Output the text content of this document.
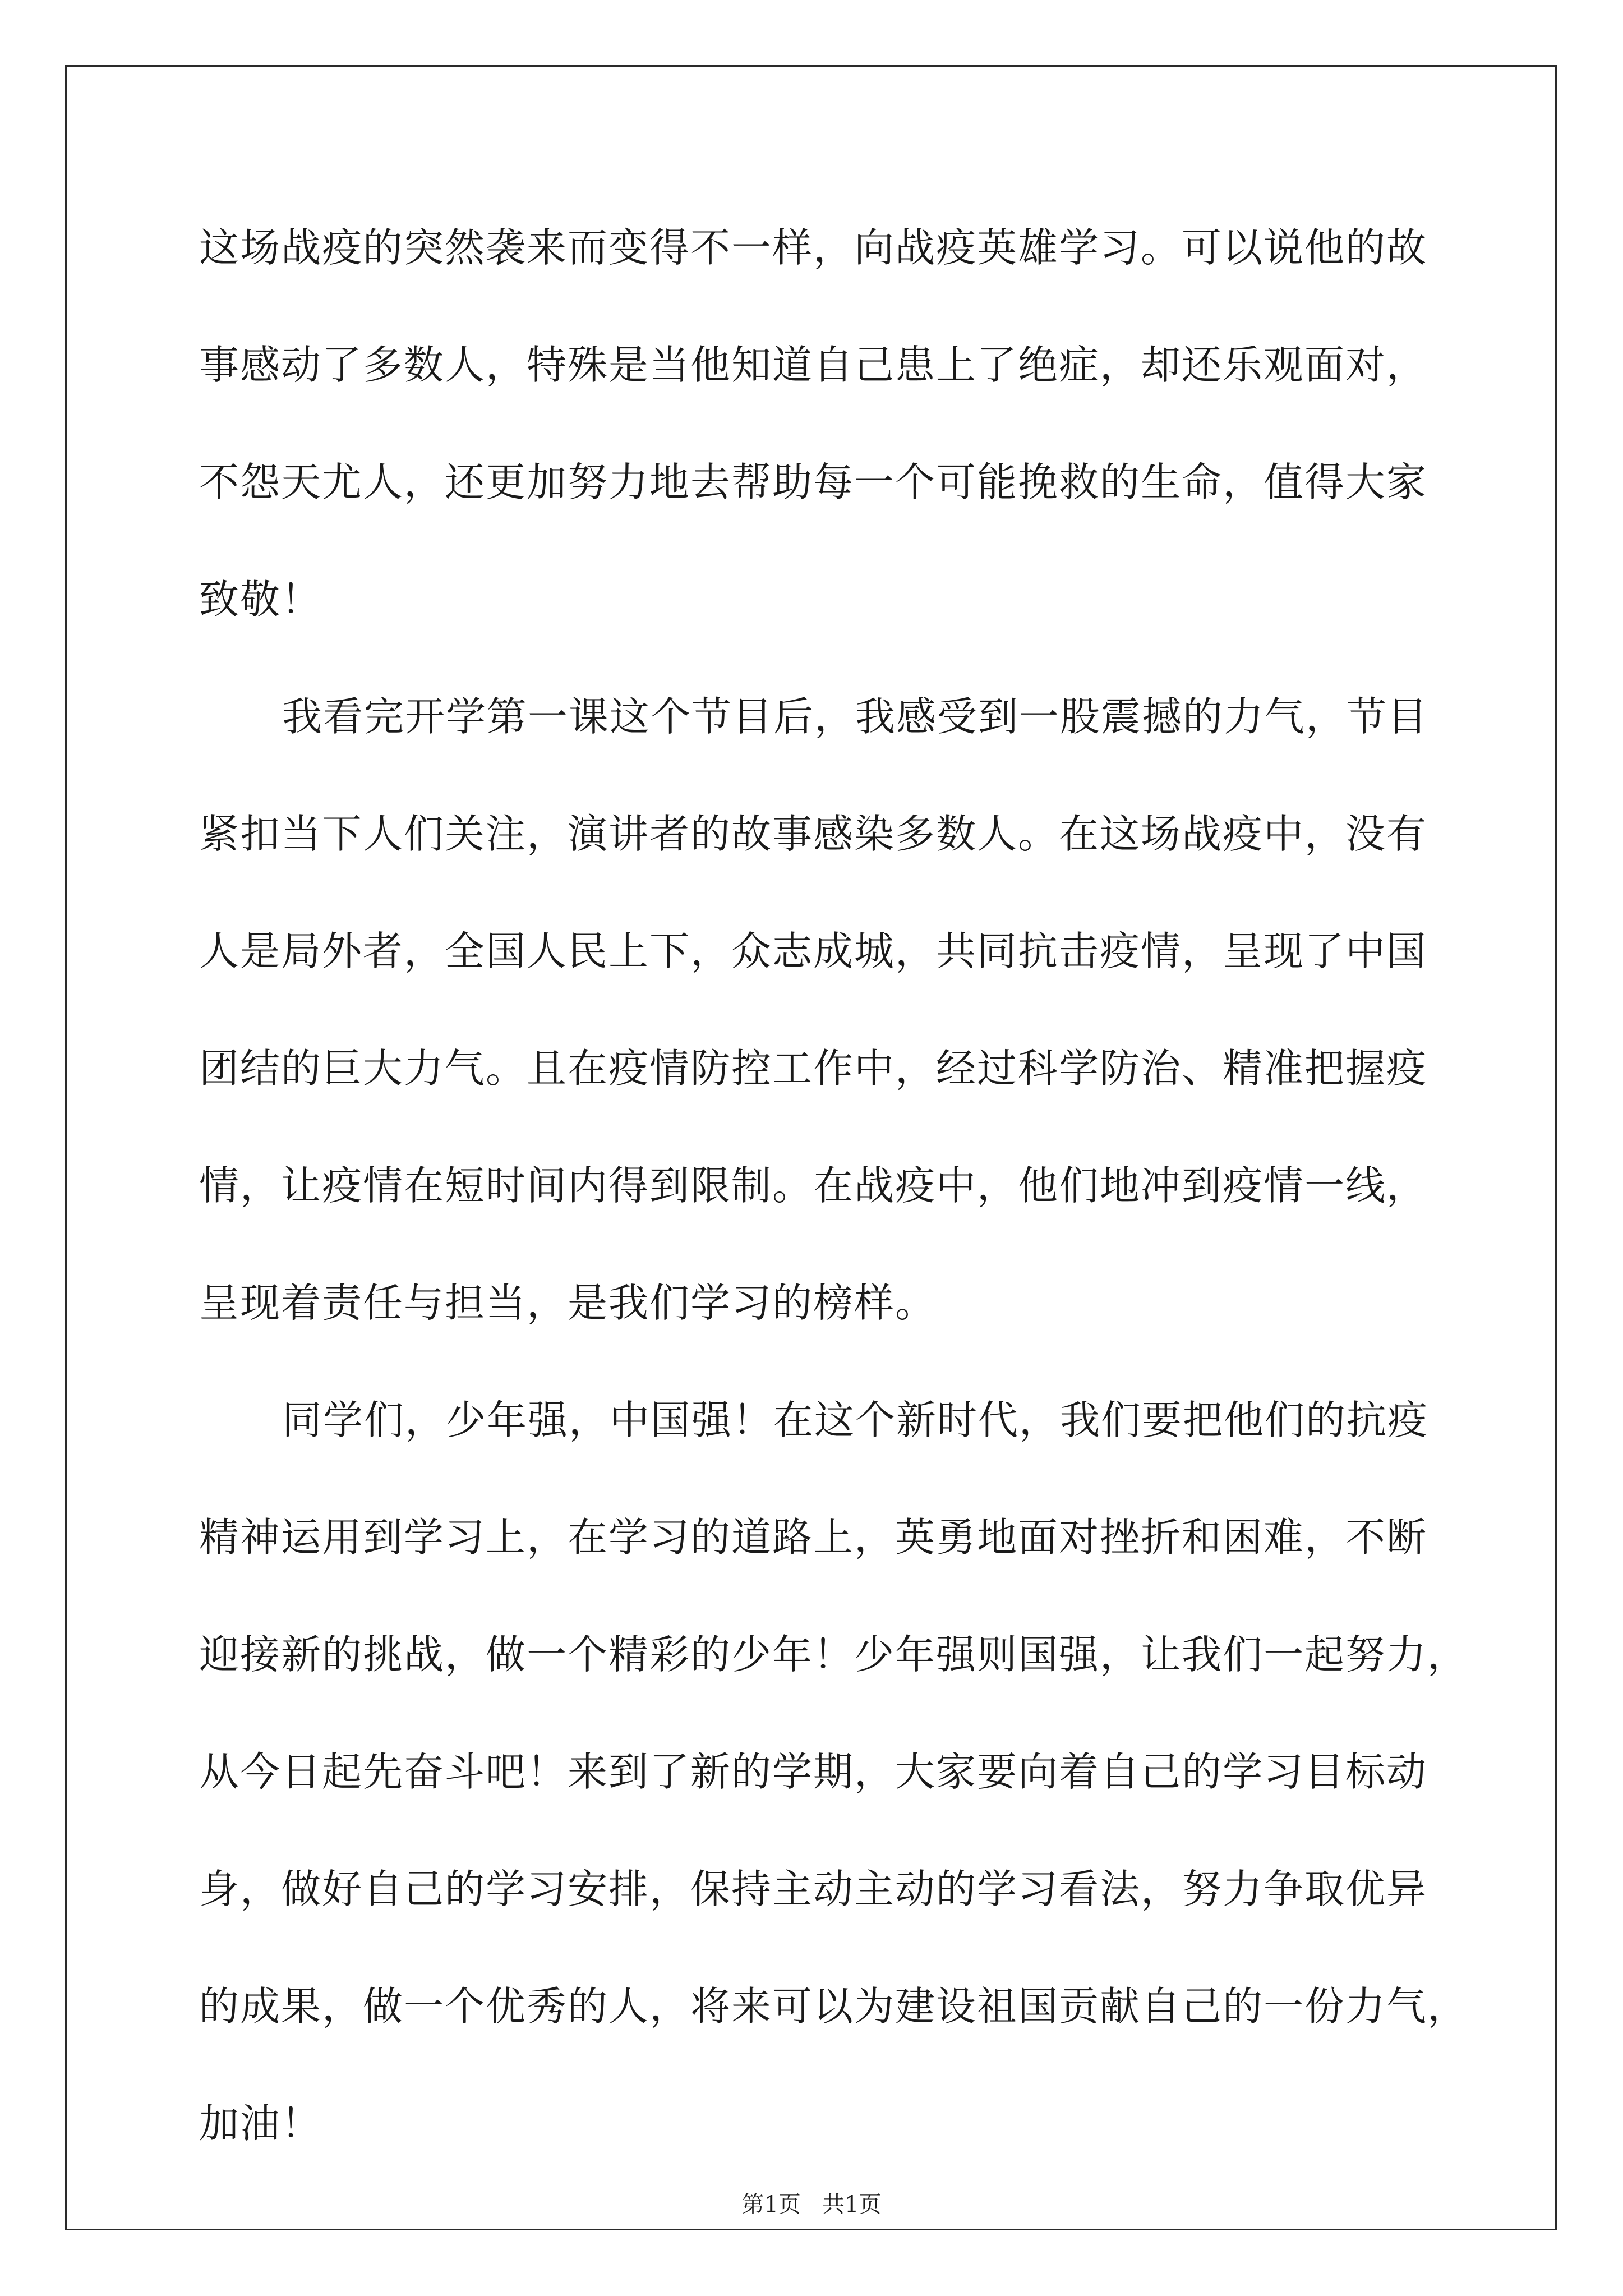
这场战疫的突然袭来而变得不一样，向战疫英雄学习。可以说他的故

事感动了多数人，特殊是当他知道自己患上了绝症，却还乐观面对，

不怨天尤人，还更加努力地去帮助每一个可能挽救的生命，值得大家

致敬！

我看完开学第一课这个节目后，我感受到一股震撼的力气，节目

紧扣当下人们关注，演讲者的故事感染多数人。在这场战疫中，没有

人是局外者，全国人民上下，众志成城，共同抗击疫情，呈现了中国

团结的巨大力气。且在疫情防控工作中，经过科学防治、精准把握疫

情，让疫情在短时间内得到限制。在战疫中，他们地冲到疫情一线，

呈现着责任与担当，是我们学习的榜样。

同学们，少年强，中国强！在这个新时代，我们要把他们的抗疫

精神运用到学习上，在学习的道路上，英勇地面对挫折和困难，不断

迎接新的挑战，做一个精彩的少年！少年强则国强，让我们一起努力，

从今日起先奋斗吧！来到了新的学期，大家要向着自己的学习目标动

身，做好自己的学习安排，保持主动主动的学习看法，努力争取优异

的成果，做一个优秀的人，将来可以为建设祖国贡献自己的一份力气，

加油！

第1页   共1页
